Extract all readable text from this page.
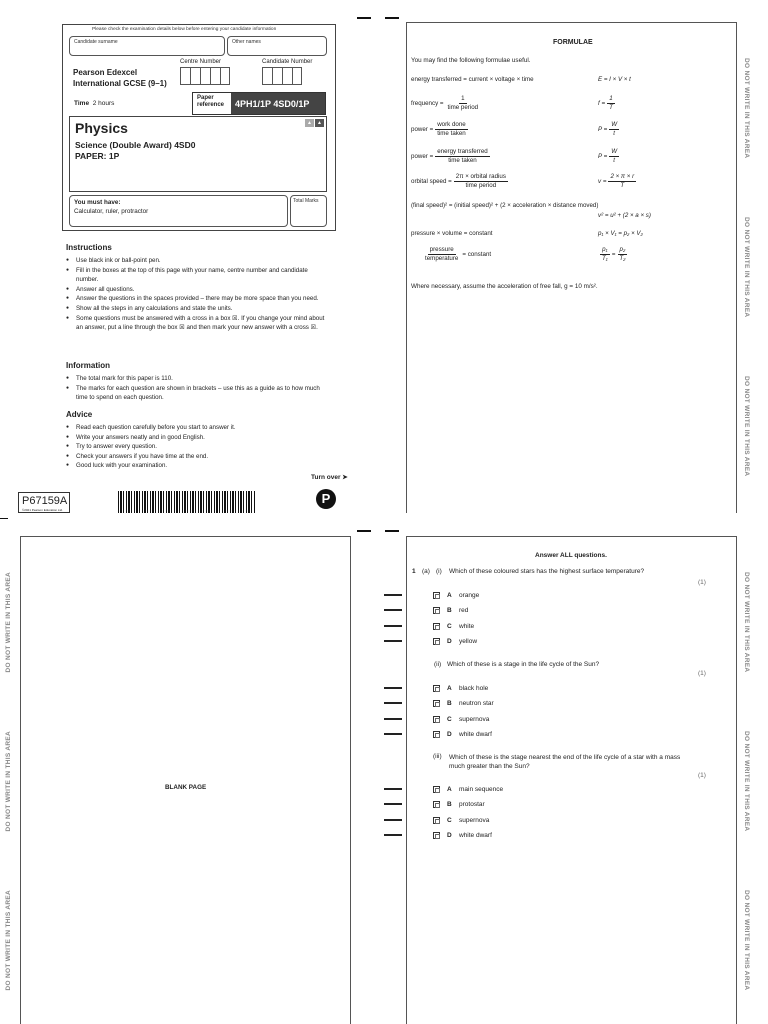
Please check the examination details below before entering your candidate information
Candidate surname	Other names
Centre Number	Candidate Number
Pearson Edexcel
International GCSE (9–1)
Time 2 hours
Paper reference	4PH1/1P 4SD0/1P
Physics
Science (Double Award) 4SD0
PAPER: 1P
▲	▲
You must have:
Calculator, ruler, protractor
Total Marks
Instructions
● Use black ink or ball-point pen.
● Fill in the boxes at the top of this page with your name, centre number and candidate number.
● Answer all questions.
● Answer the questions in the spaces provided – there may be more space than you need.
● Show all the steps in any calculations and state the units.
● Some questions must be answered with a cross in a box ☒. If you change your mind about an answer, put a line through the box ☒ and then mark your new answer with a cross ☒.
Information
● The total mark for this paper is 110.
● The marks for each question are shown in brackets – use this as a guide as to how much time to spend on each question.
Advice
● Read each question carefully before you start to answer it.
● Write your answers neatly and in good English.
● Try to answer every question.
● Check your answers if you have time at the end.
● Good luck with your examination.
Turn over ➤
P67159A
©2021 Pearson Education Ltd.
P
FORMULAE
You may find the following formulae useful.
energy transferred = current × voltage × time	E = I × V × t
frequency = $\frac{1}{\text{time period}}$	$f = \frac{1}{T}$
power = $\frac{\text{work done}}{\text{time taken}}$	$P = \frac{W}{t}$
power = $\frac{\text{energy transferred}}{\text{time taken}}$	$P = \frac{W}{t}$
orbital speed = $\frac{\text{2π × orbital radius}}{\text{time period}}$	$v = \frac{2 \times \pi \times r}{T}$
(final speed)² = (initial speed)² + (2 × acceleration × distance moved)
v² = u² + (2 × a × s)
pressure × volume = constant	p₁ × V₁ = p₂ × V₂
$\frac{\text{pressure}}{\text{temperature}}$ = constant	$\frac{\text{p₁}}{\text{T₁}} = \frac{\text{p₂}}{\text{T₂}}$
Where necessary, assume the acceleration of free fall, g = 10 m/s².
DO NOT WRITE IN THIS AREA
DO NOT WRITE IN THIS AREA
DO NOT WRITE IN THIS AREA
BLANK PAGE
DO NOT WRITE IN THIS AREA
DO NOT WRITE IN THIS AREA
DO NOT WRITE IN THIS AREA
Answer ALL questions.
1 (a) (i) Which of these coloured stars has the highest surface temperature?
(1)
A	orange
B	red
C	white
D	yellow
(ii) Which of these is a stage in the life cycle of the Sun?
(1)
A	black hole
B	neutron star
C	supernova
D	white dwarf
(iii) Which of these is the stage nearest the end of the life cycle of a star with a mass much greater than the Sun?
(1)
A	main sequence
B	protostar
C	supernova
D	white dwarf
DO NOT WRITE IN THIS AREA
DO NOT WRITE IN THIS AREA
DO NOT WRITE IN THIS AREA
